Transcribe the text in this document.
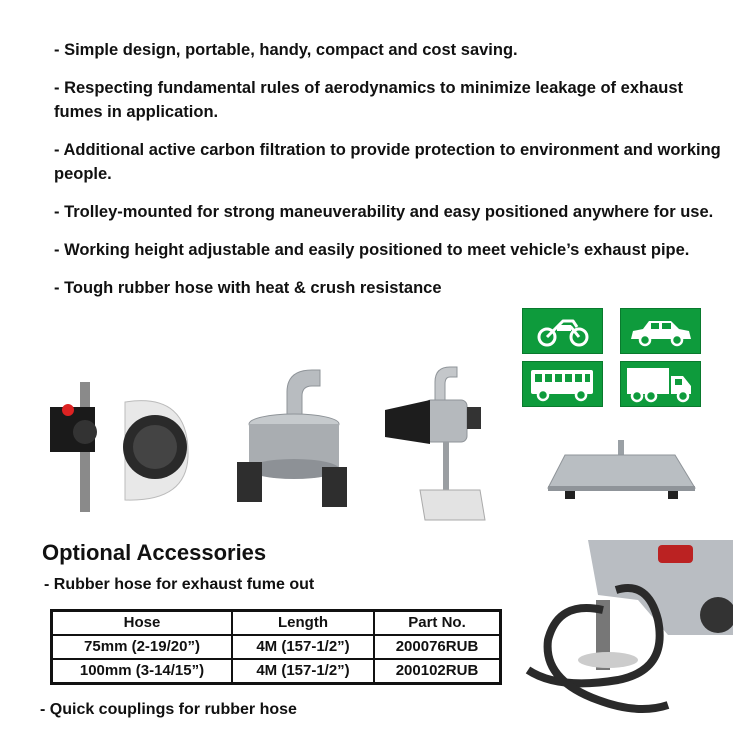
- Simple design, portable, handy, compact and cost saving.
- Respecting fundamental rules of aerodynamics to minimize leakage of exhaust fumes in application.
- Additional active carbon filtration to provide protection to environment and working people.
- Trolley-mounted for strong maneuverability and easy positioned anywhere for use.
- Working height adjustable and easily positioned to meet vehicle’s exhaust pipe.
- Tough rubber hose with heat & crush resistance
Optional Accessories
- Rubber hose for exhaust fume out
Hose	Length	Part No.
75mm (2-19/20”)	4M (157-1/2”)	200076RUB
100mm (3-14/15”)	4M (157-1/2”)	200102RUB
- Quick couplings for rubber hose
